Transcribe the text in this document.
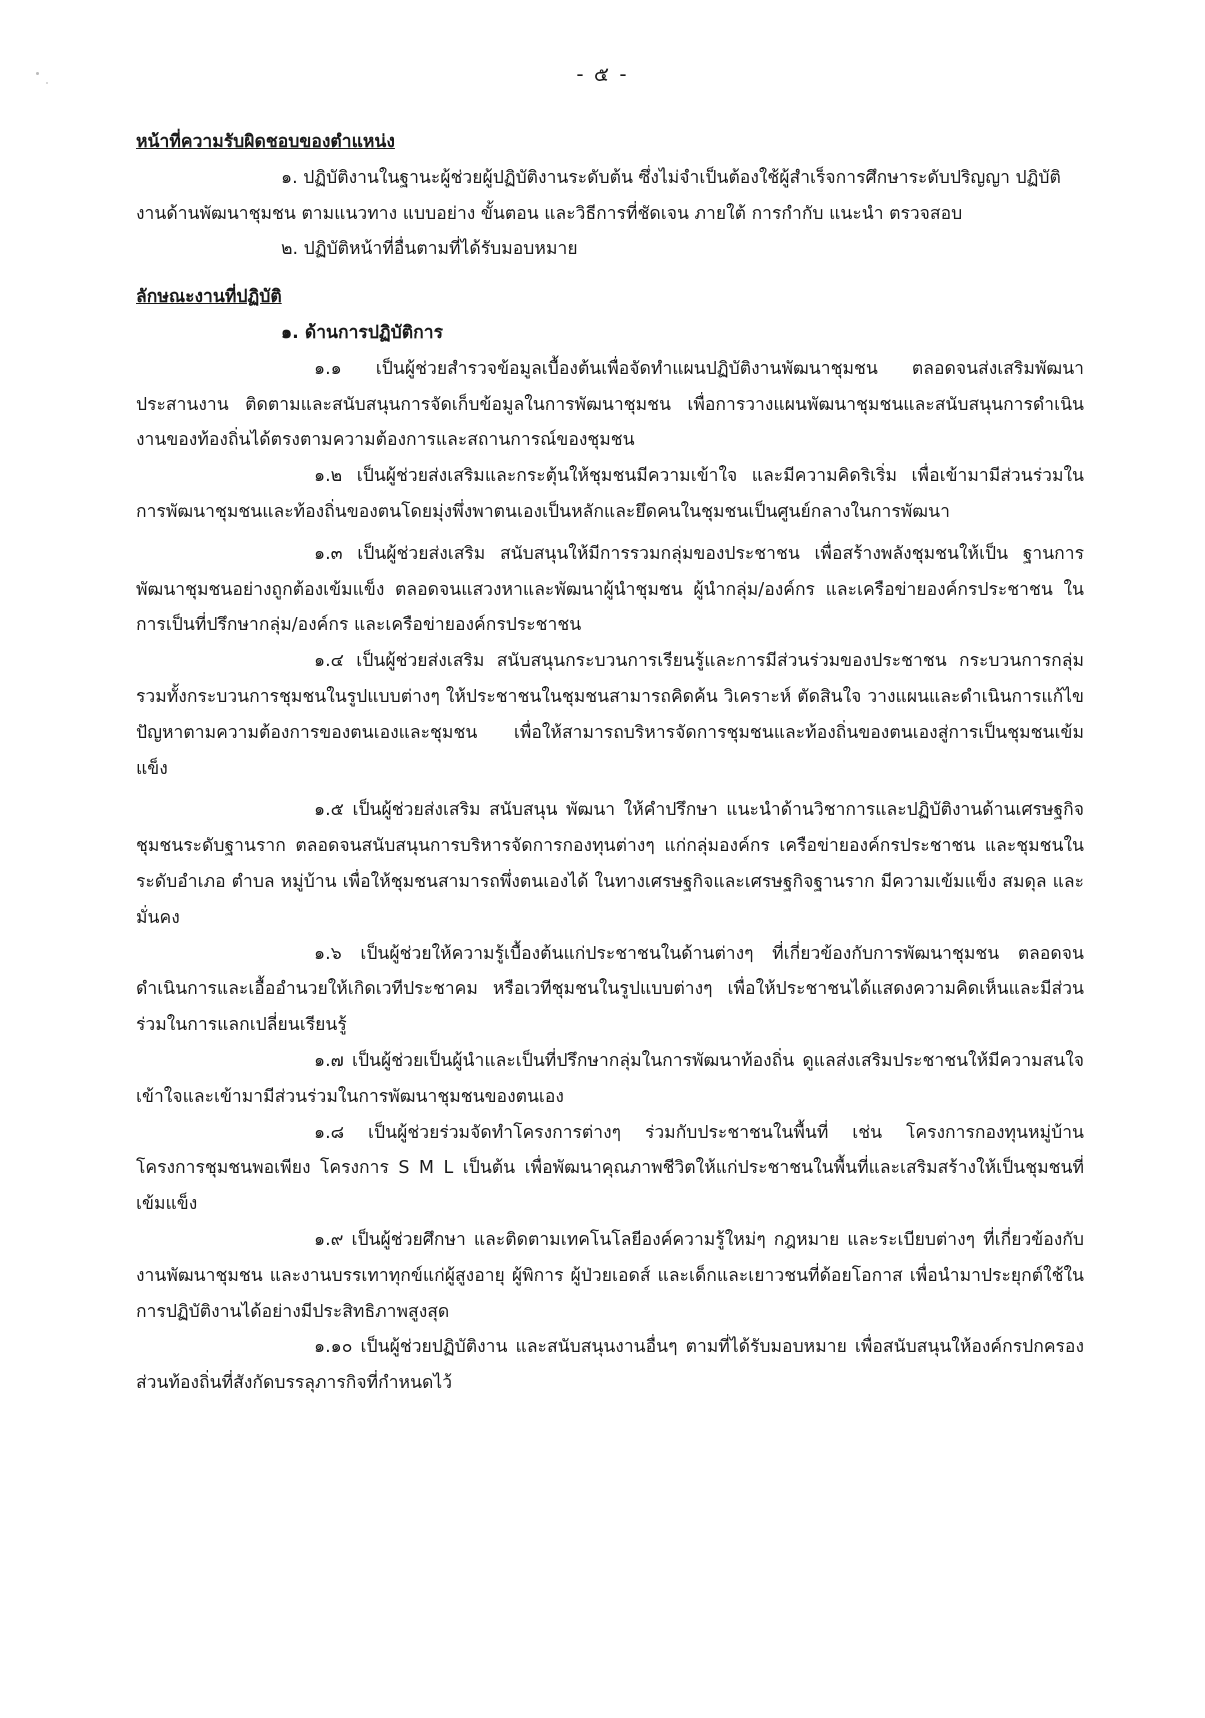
- ๕ -
หน้าที่ความรับผิดชอบของตำแหน่ง
๑. ปฏิบัติงานในฐานะผู้ช่วยผู้ปฏิบัติงานระดับต้น ซึ่งไม่จำเป็นต้องใช้ผู้สำเร็จการศึกษาระดับปริญญา ปฏิบัติงานด้านพัฒนาชุมชน ตามแนวทาง แบบอย่าง ขั้นตอน และวิธีการที่ชัดเจน ภายใต้ การกำกับ แนะนำ ตรวจสอบ
๒. ปฏิบัติหน้าที่อื่นตามที่ได้รับมอบหมาย
ลักษณะงานที่ปฏิบัติ
๑. ด้านการปฏิบัติการ
๑.๑ เป็นผู้ช่วยสำรวจข้อมูลเบื้องต้นเพื่อจัดทำแผนปฏิบัติงานพัฒนาชุมชน ตลอดจนส่งเสริมพัฒนาประสานงาน ติดตามและสนับสนุนการจัดเก็บข้อมูลในการพัฒนาชุมชน เพื่อการวางแผนพัฒนาชุมชนและสนับสนุนการดำเนินงานของท้องถิ่นได้ตรงตามความต้องการและสถานการณ์ของชุมชน
๑.๒ เป็นผู้ช่วยส่งเสริมและกระตุ้นให้ชุมชนมีความเข้าใจ และมีความคิดริเริ่ม เพื่อเข้ามามีส่วนร่วมในการพัฒนาชุมชนและท้องถิ่นของตนโดยมุ่งพึ่งพาตนเองเป็นหลักและยึดคนในชุมชนเป็นศูนย์กลางในการพัฒนา
๑.๓ เป็นผู้ช่วยส่งเสริม สนับสนุนให้มีการรวมกลุ่มของประชาชน เพื่อสร้างพลังชุมชนให้เป็น ฐานการพัฒนาชุมชนอย่างถูกต้องเข้มแข็ง ตลอดจนแสวงหาและพัฒนาผู้นำชุมชน ผู้นำกลุ่ม/องค์กร และเครือข่ายองค์กรประชาชน ในการเป็นที่ปรึกษากลุ่ม/องค์กร และเครือข่ายองค์กรประชาชน
๑.๔ เป็นผู้ช่วยส่งเสริม สนับสนุนกระบวนการเรียนรู้และการมีส่วนร่วมของประชาชน กระบวนการกลุ่ม รวมทั้งกระบวนการชุมชนในรูปแบบต่างๆ ให้ประชาชนในชุมชนสามารถคิดค้น วิเคราะห์ ตัดสินใจ วางแผนและดำเนินการแก้ไขปัญหาตามความต้องการของตนเองและชุมชน เพื่อให้สามารถบริหารจัดการชุมชนและท้องถิ่นของตนเองสู่การเป็นชุมชนเข้มแข็ง
๑.๕ เป็นผู้ช่วยส่งเสริม สนับสนุน พัฒนา ให้คำปรึกษา แนะนำด้านวิชาการและปฏิบัติงานด้านเศรษฐกิจชุมชนระดับฐานราก ตลอดจนสนับสนุนการบริหารจัดการกองทุนต่างๆ แก่กลุ่มองค์กร เครือข่ายองค์กรประชาชน และชุมชนในระดับอำเภอ ตำบล หมู่บ้าน เพื่อให้ชุมชนสามารถพึ่งตนเองได้ ในทางเศรษฐกิจและเศรษฐกิจฐานราก มีความเข้มแข็ง สมดุล และมั่นคง
๑.๖ เป็นผู้ช่วยให้ความรู้เบื้องต้นแก่ประชาชนในด้านต่างๆ ที่เกี่ยวข้องกับการพัฒนาชุมชน ตลอดจนดำเนินการและเอื้ออำนวยให้เกิดเวทีประชาคม หรือเวทีชุมชนในรูปแบบต่างๆ เพื่อให้ประชาชนได้แสดงความคิดเห็นและมีส่วนร่วมในการแลกเปลี่ยนเรียนรู้
๑.๗ เป็นผู้ช่วยเป็นผู้นำและเป็นที่ปรึกษากลุ่มในการพัฒนาท้องถิ่น ดูแลส่งเสริมประชาชนให้มีความสนใจ เข้าใจและเข้ามามีส่วนร่วมในการพัฒนาชุมชนของตนเอง
๑.๘ เป็นผู้ช่วยร่วมจัดทำโครงการต่างๆ ร่วมกับประชาชนในพื้นที่ เช่น โครงการกองทุนหมู่บ้าน โครงการชุมชนพอเพียง โครงการ S M L เป็นต้น เพื่อพัฒนาคุณภาพชีวิตให้แก่ประชาชนในพื้นที่และเสริมสร้างให้เป็นชุมชนที่เข้มแข็ง
๑.๙ เป็นผู้ช่วยศึกษา และติดตามเทคโนโลยีองค์ความรู้ใหม่ๆ กฎหมาย และระเบียบต่างๆ ที่เกี่ยวข้องกับงานพัฒนาชุมชน และงานบรรเทาทุกข์แก่ผู้สูงอายุ ผู้พิการ ผู้ป่วยเอดส์ และเด็กและเยาวชนที่ด้อยโอกาส เพื่อนำมาประยุกต์ใช้ในการปฏิบัติงานได้อย่างมีประสิทธิภาพสูงสุด
๑.๑๐ เป็นผู้ช่วยปฏิบัติงาน และสนับสนุนงานอื่นๆ ตามที่ได้รับมอบหมาย เพื่อสนับสนุนให้องค์กรปกครองส่วนท้องถิ่นที่สังกัดบรรลุภารกิจที่กำหนดไว้
